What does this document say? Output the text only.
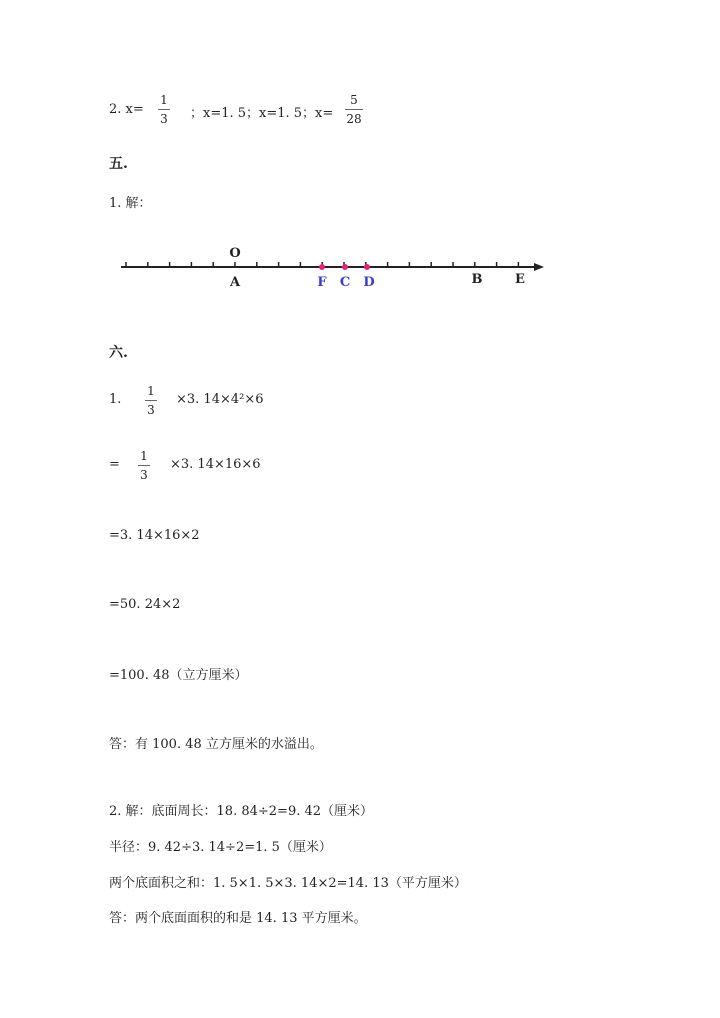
2. x=
1
3 ；x=1. 5；x=1. 5；x=
5
28
五.
1. 解：
O
A	F C D	B	E
六.
1.
1
3
×3. 14×4²×6
=
1
3
×3. 14×16×6
=3. 14×16×2
=50. 24×2
=100. 48（立方厘米）
答：有 100. 48 立方厘米的水溢出。
2. 解：底面周长：18. 84÷2=9. 42（厘米）
半径：9. 42÷3. 14÷2=1. 5（厘米）
两个底面积之和：1. 5×1. 5×3. 14×2=14. 13（平方厘米）
答：两个底面面积的和是 14. 13 平方厘米。
